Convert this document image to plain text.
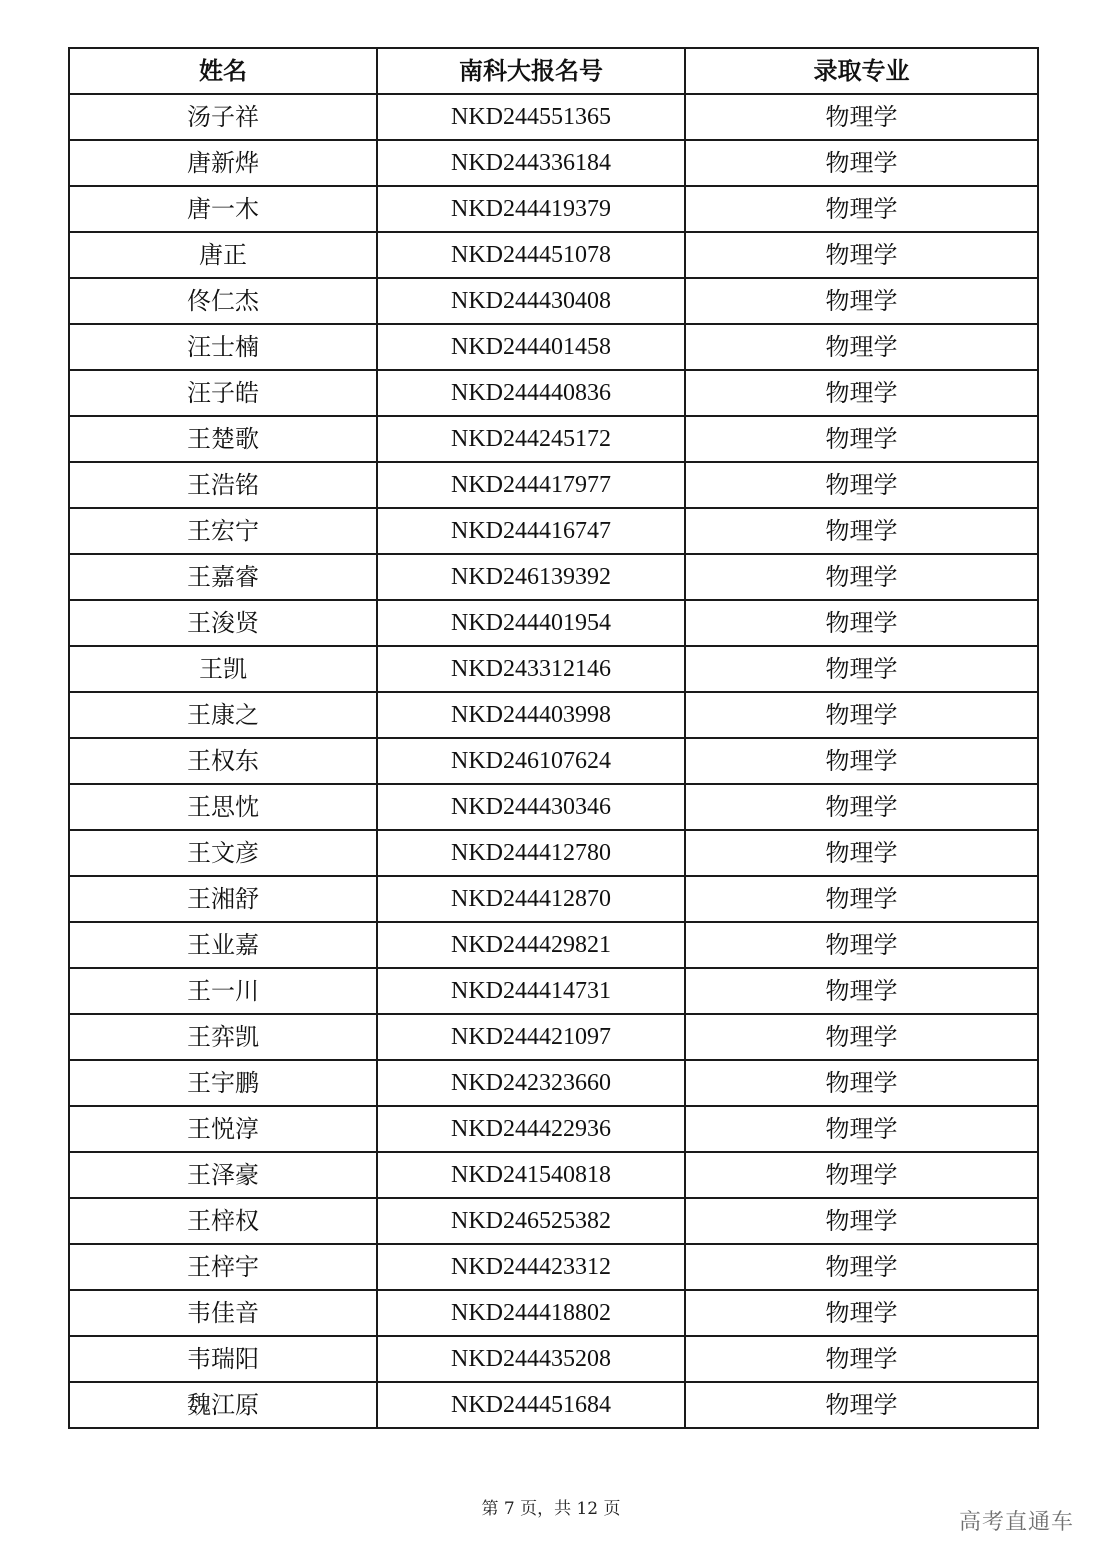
姓名	南科大报名号	录取专业
汤子祥	NKD244551365	物理学
唐新烨	NKD244336184	物理学
唐一木	NKD244419379	物理学
唐正	NKD244451078	物理学
佟仁杰	NKD244430408	物理学
汪士楠	NKD244401458	物理学
汪子皓	NKD244440836	物理学
王楚歌	NKD244245172	物理学
王浩铭	NKD244417977	物理学
王宏宁	NKD244416747	物理学
王嘉睿	NKD246139392	物理学
王浚贤	NKD244401954	物理学
王凯	NKD243312146	物理学
王康之	NKD244403998	物理学
王权东	NKD246107624	物理学
王思忱	NKD244430346	物理学
王文彦	NKD244412780	物理学
王湘舒	NKD244412870	物理学
王业嘉	NKD244429821	物理学
王一川	NKD244414731	物理学
王弈凯	NKD244421097	物理学
王宇鹏	NKD242323660	物理学
王悦淳	NKD244422936	物理学
王泽豪	NKD241540818	物理学
王梓权	NKD246525382	物理学
王梓宇	NKD244423312	物理学
韦佳音	NKD244418802	物理学
韦瑞阳	NKD244435208	物理学
魏江原	NKD244451684	物理学
第 7 页，共 12 页
高考直通车
